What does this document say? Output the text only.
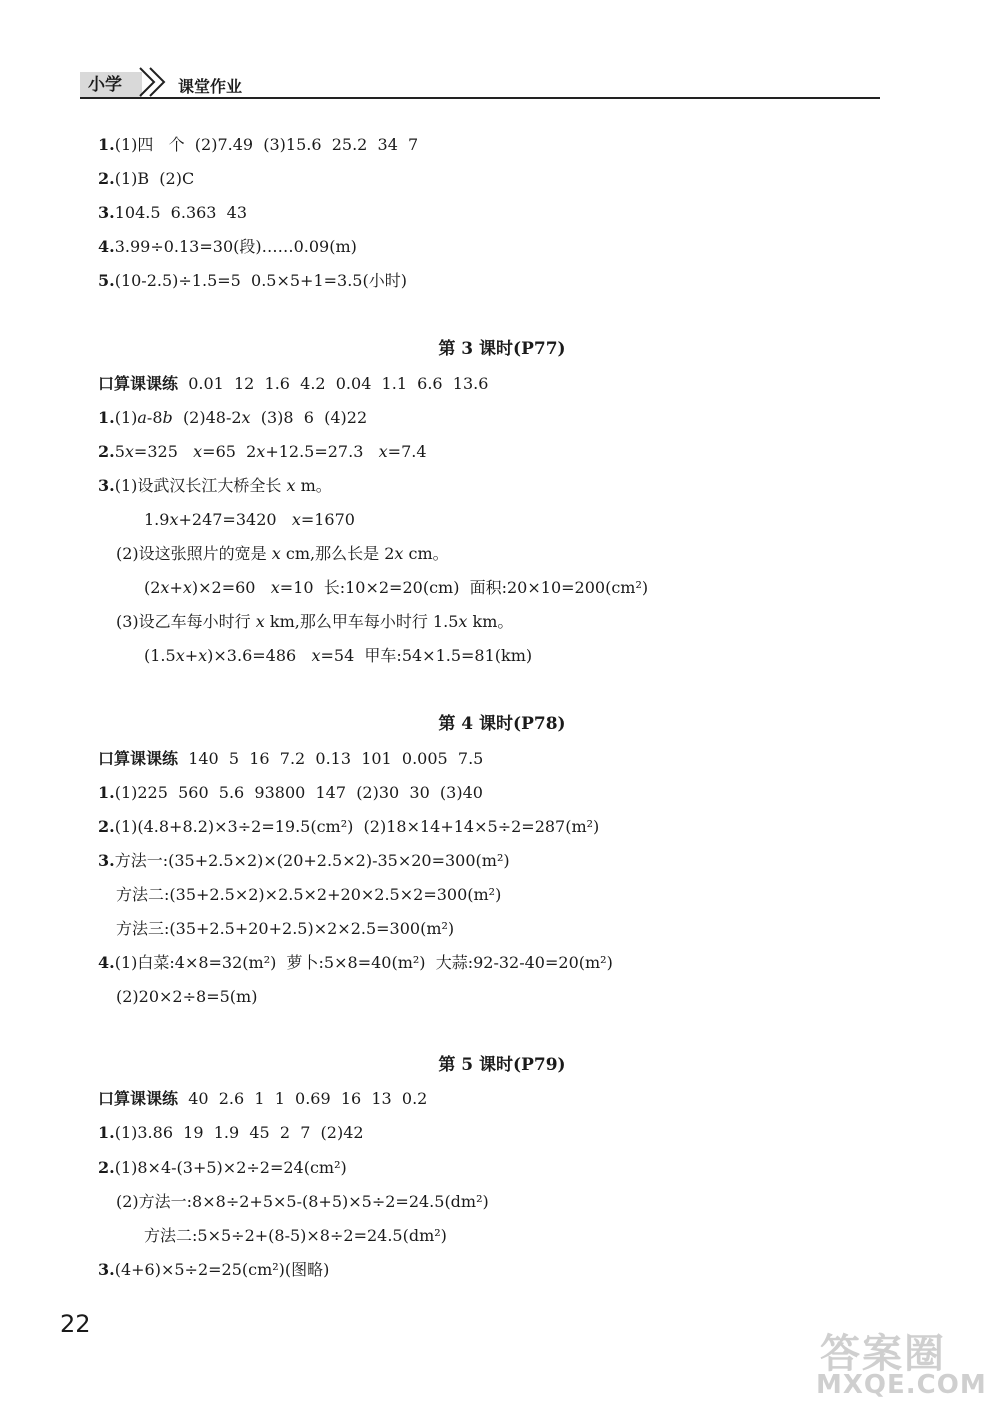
小学	课堂作业
1.(1)四   个  (2)7.49  (3)15.6  25.2  34  7
2.(1)B  (2)C
3.104.5  6.363  43
4.3.99÷0.13=30(段)……0.09(m)
5.(10-2.5)÷1.5=5  0.5×5+1=3.5(小时)
第 3 课时(P77)
口算课课练  0.01  12  1.6  4.2  0.04  1.1  6.6  13.6
1.(1)a-8b  (2)48-2x  (3)8  6  (4)22
2.5x=325   x=65  2x+12.5=27.3   x=7.4
3.(1)设武汉长江大桥全长 x m。
1.9x+247=3420   x=1670
(2)设这张照片的宽是 x cm,那么长是 2x cm。
(2x+x)×2=60   x=10  长:10×2=20(cm)  面积:20×10=200(cm²)
(3)设乙车每小时行 x km,那么甲车每小时行 1.5x km。
(1.5x+x)×3.6=486   x=54  甲车:54×1.5=81(km)
第 4 课时(P78)
口算课课练  140  5  16  7.2  0.13  101  0.005  7.5
1.(1)225  560  5.6  93800  147  (2)30  30  (3)40
2.(1)(4.8+8.2)×3÷2=19.5(cm²)  (2)18×14+14×5÷2=287(m²)
3.方法一:(35+2.5×2)×(20+2.5×2)-35×20=300(m²)
方法二:(35+2.5×2)×2.5×2+20×2.5×2=300(m²)
方法三:(35+2.5+20+2.5)×2×2.5=300(m²)
4.(1)白菜:4×8=32(m²)  萝卜:5×8=40(m²)  大蒜:92-32-40=20(m²)
(2)20×2÷8=5(m)
第 5 课时(P79)
口算课课练  40  2.6  1  1  0.69  16  13  0.2
1.(1)3.86  19  1.9  45  2  7  (2)42
2.(1)8×4-(3+5)×2÷2=24(cm²)
(2)方法一:8×8÷2+5×5-(8+5)×5÷2=24.5(dm²)
方法二:5×5÷2+(8-5)×8÷2=24.5(dm²)
3.(4+6)×5÷2=25(cm²)(图略)
22
答案圈
MXQE.COM
